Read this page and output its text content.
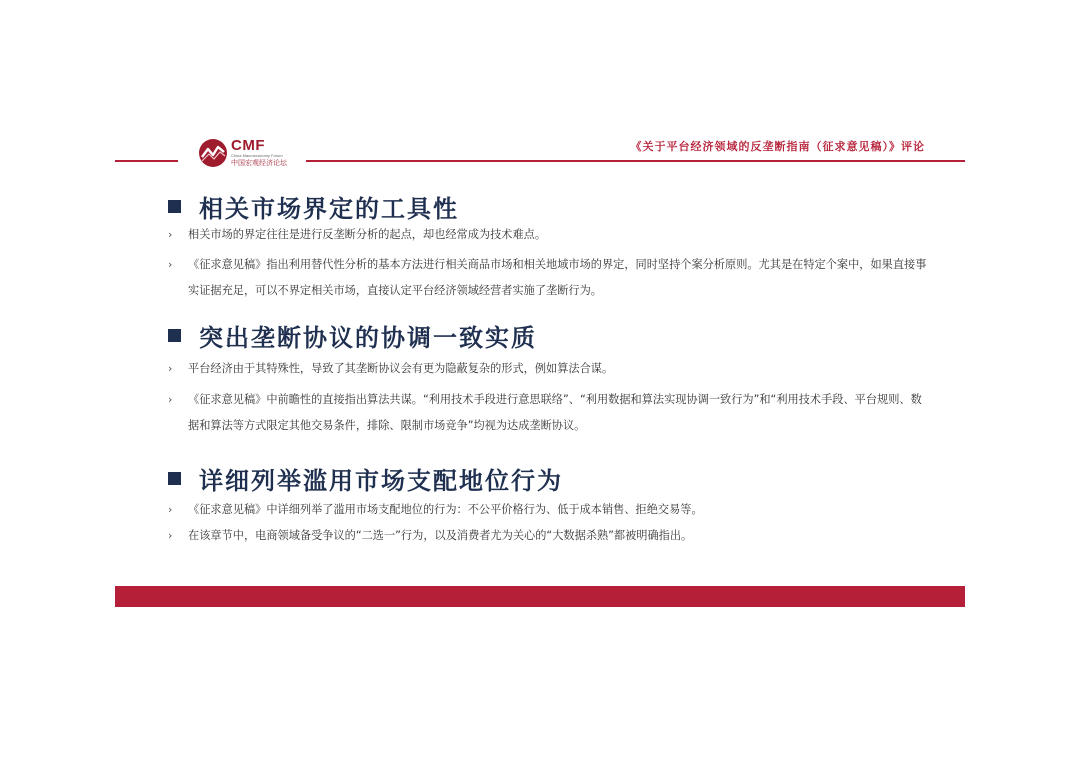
CMF
China Macroeconomy Forum
中国宏观经济论坛
《关于平台经济领域的反垄断指南（征求意见稿）》评论
相关市场界定的工具性
› 相关市场的界定往往是进行反垄断分析的起点，却也经常成为技术难点。
› 《征求意见稿》指出利用替代性分析的基本方法进行相关商品市场和相关地域市场的界定，同时坚持个案分析原则。尤其是在特定个案中，如果直接事实证据充足，可以不界定相关市场，直接认定平台经济领域经营者实施了垄断行为。
突出垄断协议的协调一致实质
› 平台经济由于其特殊性，导致了其垄断协议会有更为隐蔽复杂的形式，例如算法合谋。
› 《征求意见稿》中前瞻性的直接指出算法共谋。“利用技术手段进行意思联络”、“利用数据和算法实现协调一致行为”和“利用技术手段、平台规则、数据和算法等方式限定其他交易条件，排除、限制市场竞争”均视为达成垄断协议。
详细列举滥用市场支配地位行为
› 《征求意见稿》中详细列举了滥用市场支配地位的行为：不公平价格行为、低于成本销售、拒绝交易等。
› 在该章节中，电商领域备受争议的“二选一”行为，以及消费者尤为关心的“大数据杀熟”都被明确指出。
